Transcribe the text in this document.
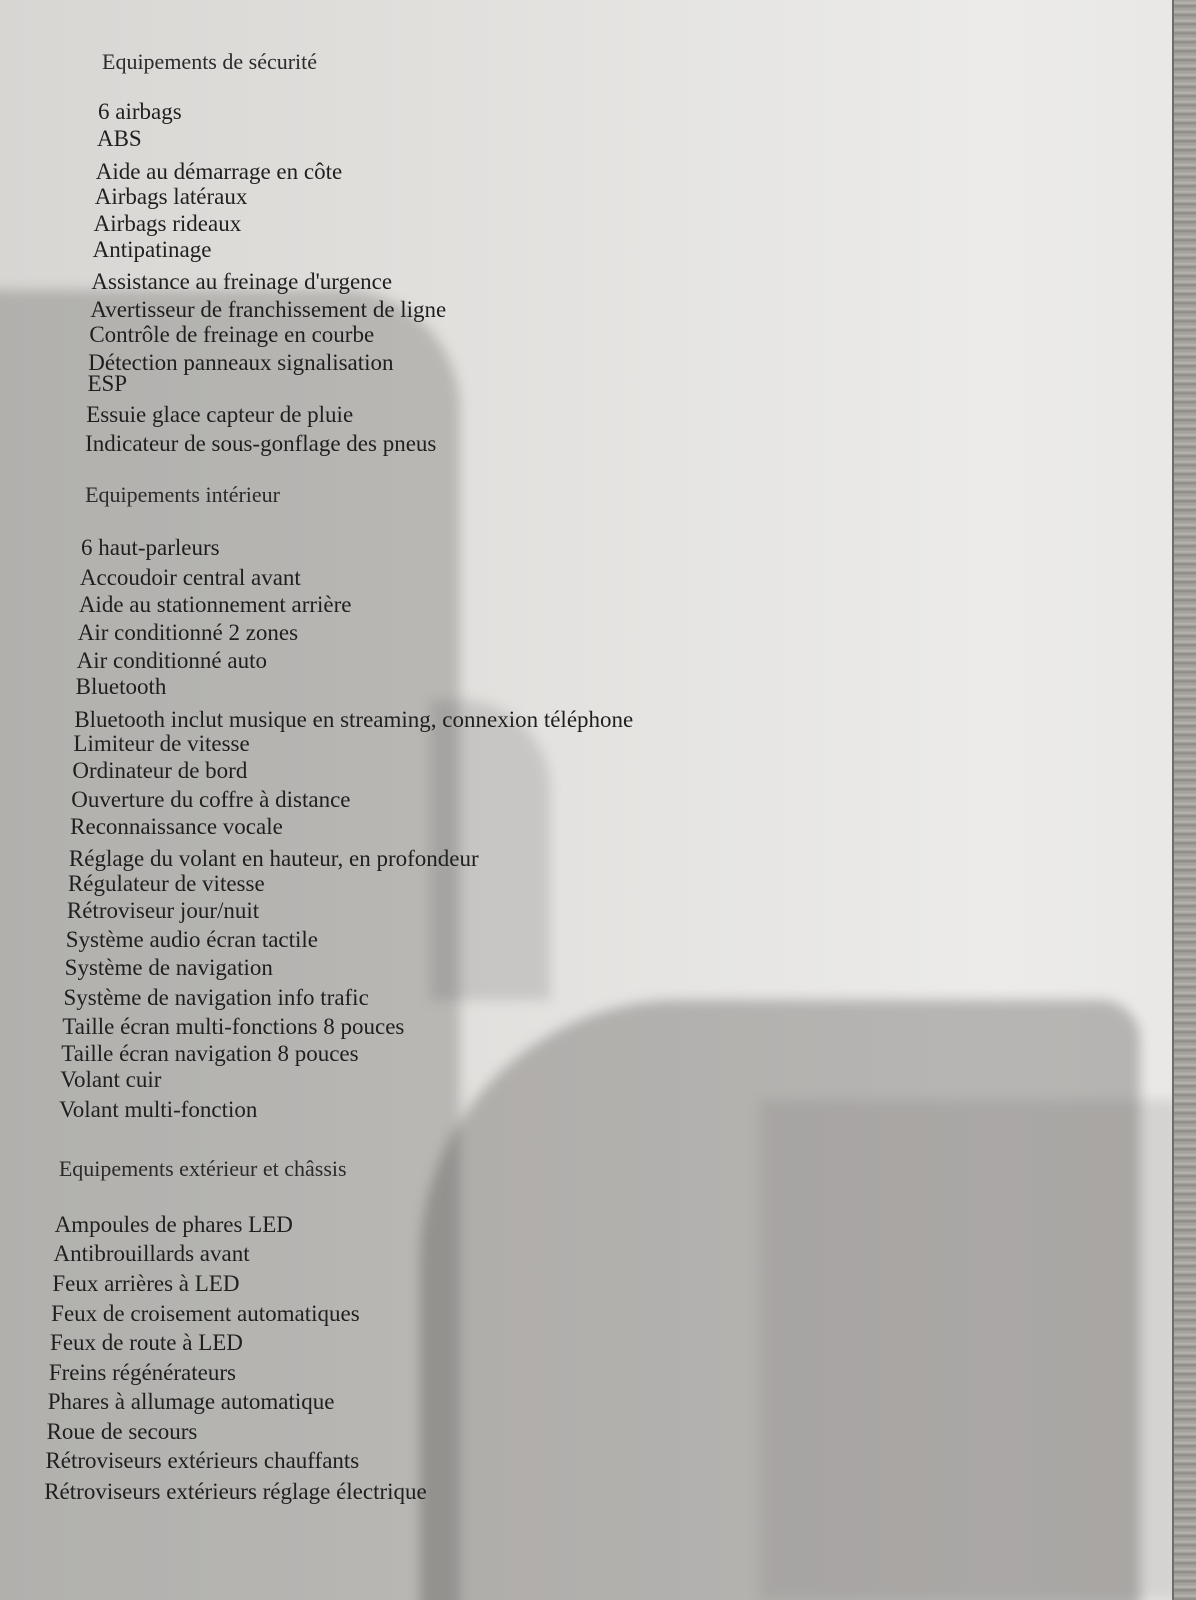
Equipements de sécurité
6 airbags
ABS
Aide au démarrage en côte
Airbags latéraux
Airbags rideaux
Antipatinage
Assistance au freinage d'urgence
Avertisseur de franchissement de ligne
Contrôle de freinage en courbe
Détection panneaux signalisation
ESP
Essuie glace capteur de pluie
Indicateur de sous-gonflage des pneus
Equipements intérieur
6 haut-parleurs
Accoudoir central avant
Aide au stationnement arrière
Air conditionné 2 zones
Air conditionné auto
Bluetooth
Bluetooth inclut musique en streaming, connexion téléphone
Limiteur de vitesse
Ordinateur de bord
Ouverture du coffre à distance
Reconnaissance vocale
Réglage du volant en hauteur, en profondeur
Régulateur de vitesse
Rétroviseur jour/nuit
Système audio écran tactile
Système de navigation
Système de navigation info trafic
Taille écran multi-fonctions 8 pouces
Taille écran navigation 8 pouces
Volant cuir
Volant multi-fonction
Equipements extérieur et châssis
Ampoules de phares LED
Antibrouillards avant
Feux arrières à LED
Feux de croisement automatiques
Feux de route à LED
Freins régénérateurs
Phares à allumage automatique
Roue de secours
Rétroviseurs extérieurs chauffants
Rétroviseurs extérieurs réglage électrique
